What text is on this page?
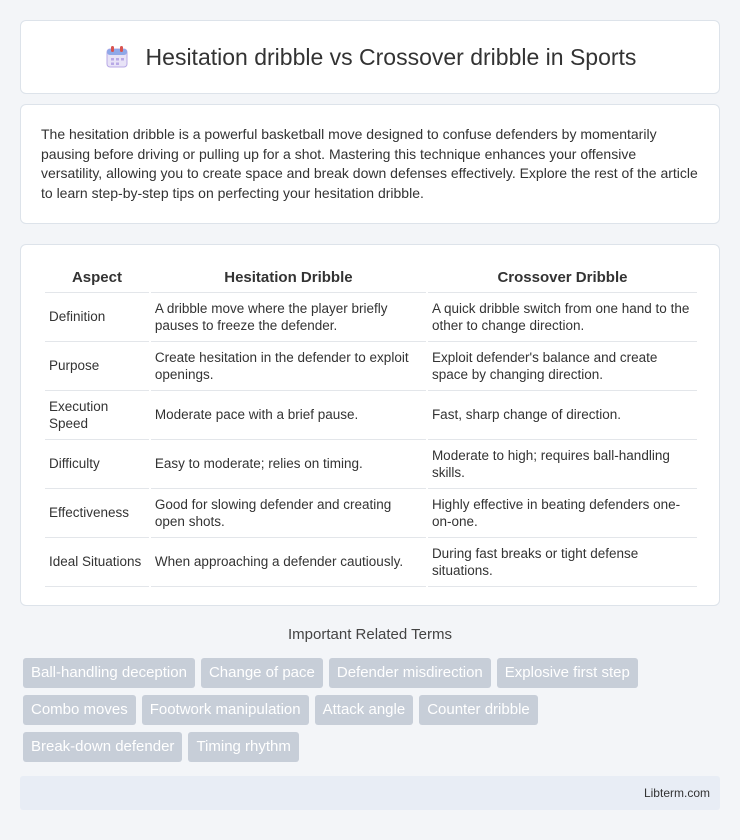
Hesitation dribble vs Crossover dribble in Sports

The hesitation dribble is a powerful basketball move designed to confuse defenders by momentarily pausing before driving or pulling up for a shot. Mastering this technique enhances your offensive versatility, allowing you to create space and break down defenses effectively. Explore the rest of the article to learn step-by-step tips on perfecting your hesitation dribble.

Aspect	Hesitation Dribble	Crossover Dribble
Definition	A dribble move where the player briefly pauses to freeze the defender.	A quick dribble switch from one hand to the other to change direction.
Purpose	Create hesitation in the defender to exploit openings.	Exploit defender's balance and create space by changing direction.
Execution Speed	Moderate pace with a brief pause.	Fast, sharp change of direction.
Difficulty	Easy to moderate; relies on timing.	Moderate to high; requires ball-handling skills.
Effectiveness	Good for slowing defender and creating open shots.	Highly effective in beating defenders one-on-one.
Ideal Situations	When approaching a defender cautiously.	During fast breaks or tight defense situations.
Important Related Terms
Ball-handling deception	Change of pace	Defender misdirection	Explosive first step
Combo moves	Footwork manipulation	Attack angle	Counter dribble
Break-down defender	Timing rhythm
Libterm.com
